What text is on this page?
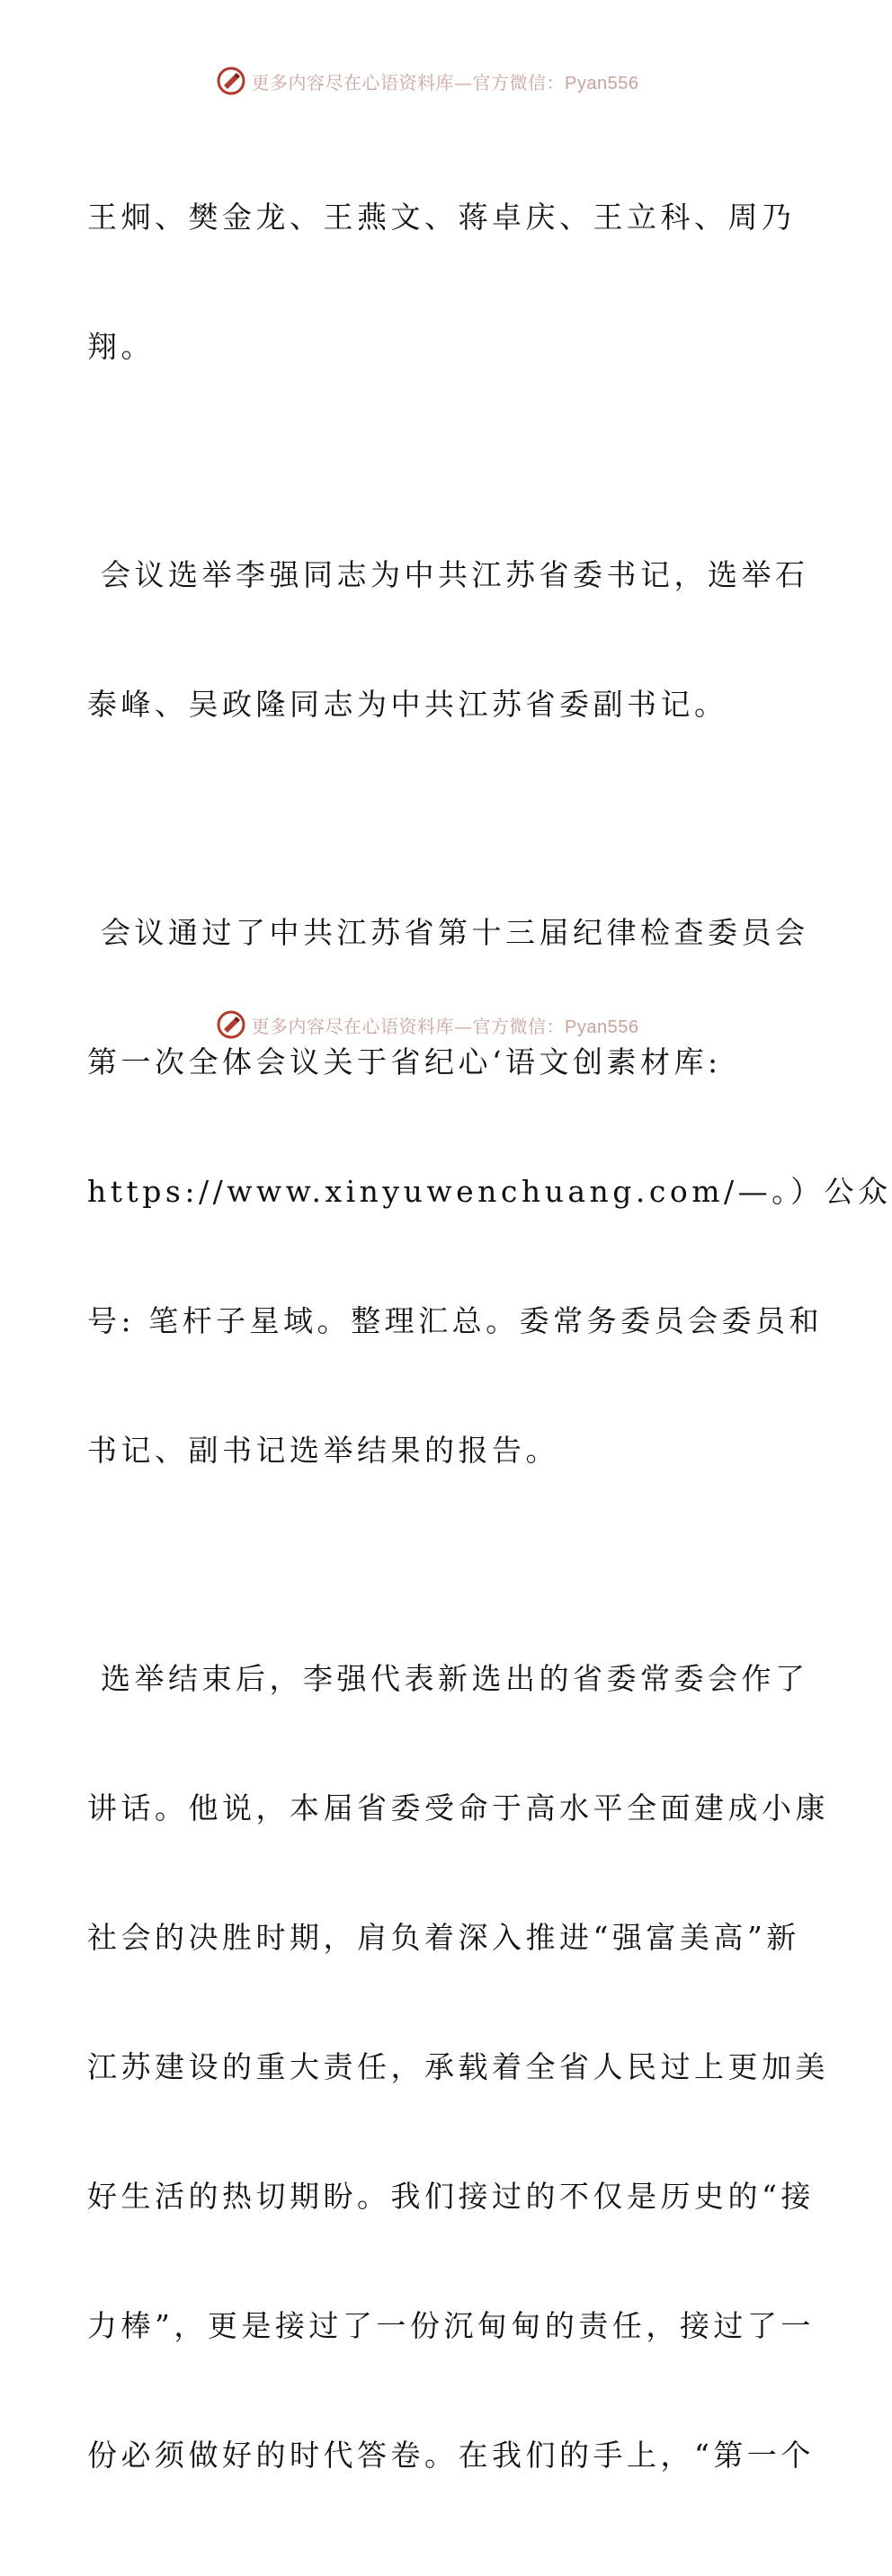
更多内容尽在心语资料库—官方微信：Pyan556

王炯、樊金龙、王燕文、蒋卓庆、王立科、周乃

翔。

会议选举李强同志为中共江苏省委书记，选举石

泰峰、吴政隆同志为中共江苏省委副书记。

会议通过了中共江苏省第十三届纪律检查委员会

第一次全体会议关于省纪心‘语文创素材库:

https://www.xinyuwenchuang.com/—。）公众

号: 笔杆子星域。整理汇总。委常务委员会委员和

书记、副书记选举结果的报告。

选举结束后，李强代表新选出的省委常委会作了

讲话。他说，本届省委受命于高水平全面建成小康

社会的决胜时期，肩负着深入推进“强富美高”新

江苏建设的重大责任，承载着全省人民过上更加美

好生活的热切期盼。我们接过的不仅是历史的“接

力棒”，更是接过了一份沉甸甸的责任，接过了一

份必须做好的时代答卷。在我们的手上，“第一个

更多内容尽在心语资料库—官方微信：Pyan556
